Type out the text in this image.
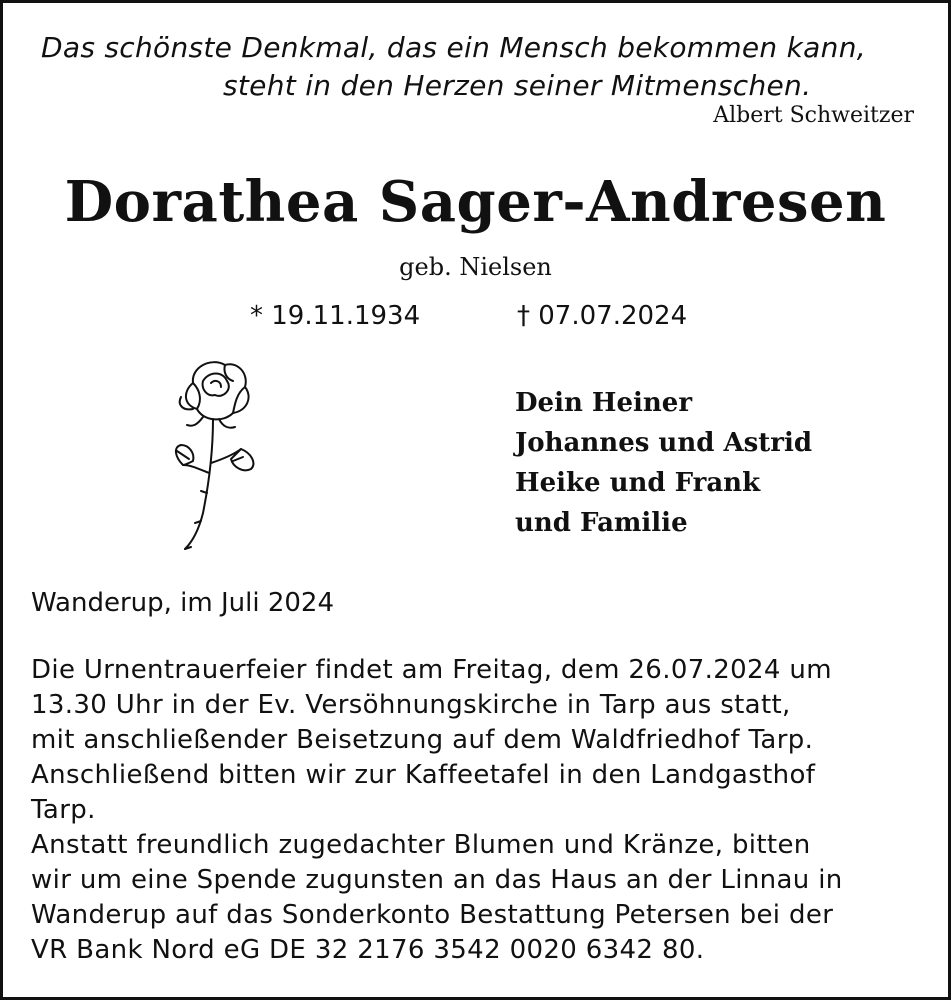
Das schönste Denkmal, das ein Mensch bekommen kann,
steht in den Herzen seiner Mitmenschen.
Albert Schweitzer
Dorathea Sager-Andresen
geb. Nielsen
* 19.11.1934	† 07.07.2024
Dein Heiner
Johannes und Astrid
Heike und Frank
und Familie
Wanderup, im Juli 2024
Die Urnentrauerfeier findet am Freitag, dem 26.07.2024 um
13.30 Uhr in der Ev. Versöhnungskirche in Tarp aus statt,
mit anschließender Beisetzung auf dem Waldfriedhof Tarp.
Anschließend bitten wir zur Kaffeetafel in den Landgasthof
Tarp.
Anstatt freundlich zugedachter Blumen und Kränze, bitten
wir um eine Spende zugunsten an das Haus an der Linnau in
Wanderup auf das Sonderkonto Bestattung Petersen bei der
VR Bank Nord eG DE 32 2176 3542 0020 6342 80.
